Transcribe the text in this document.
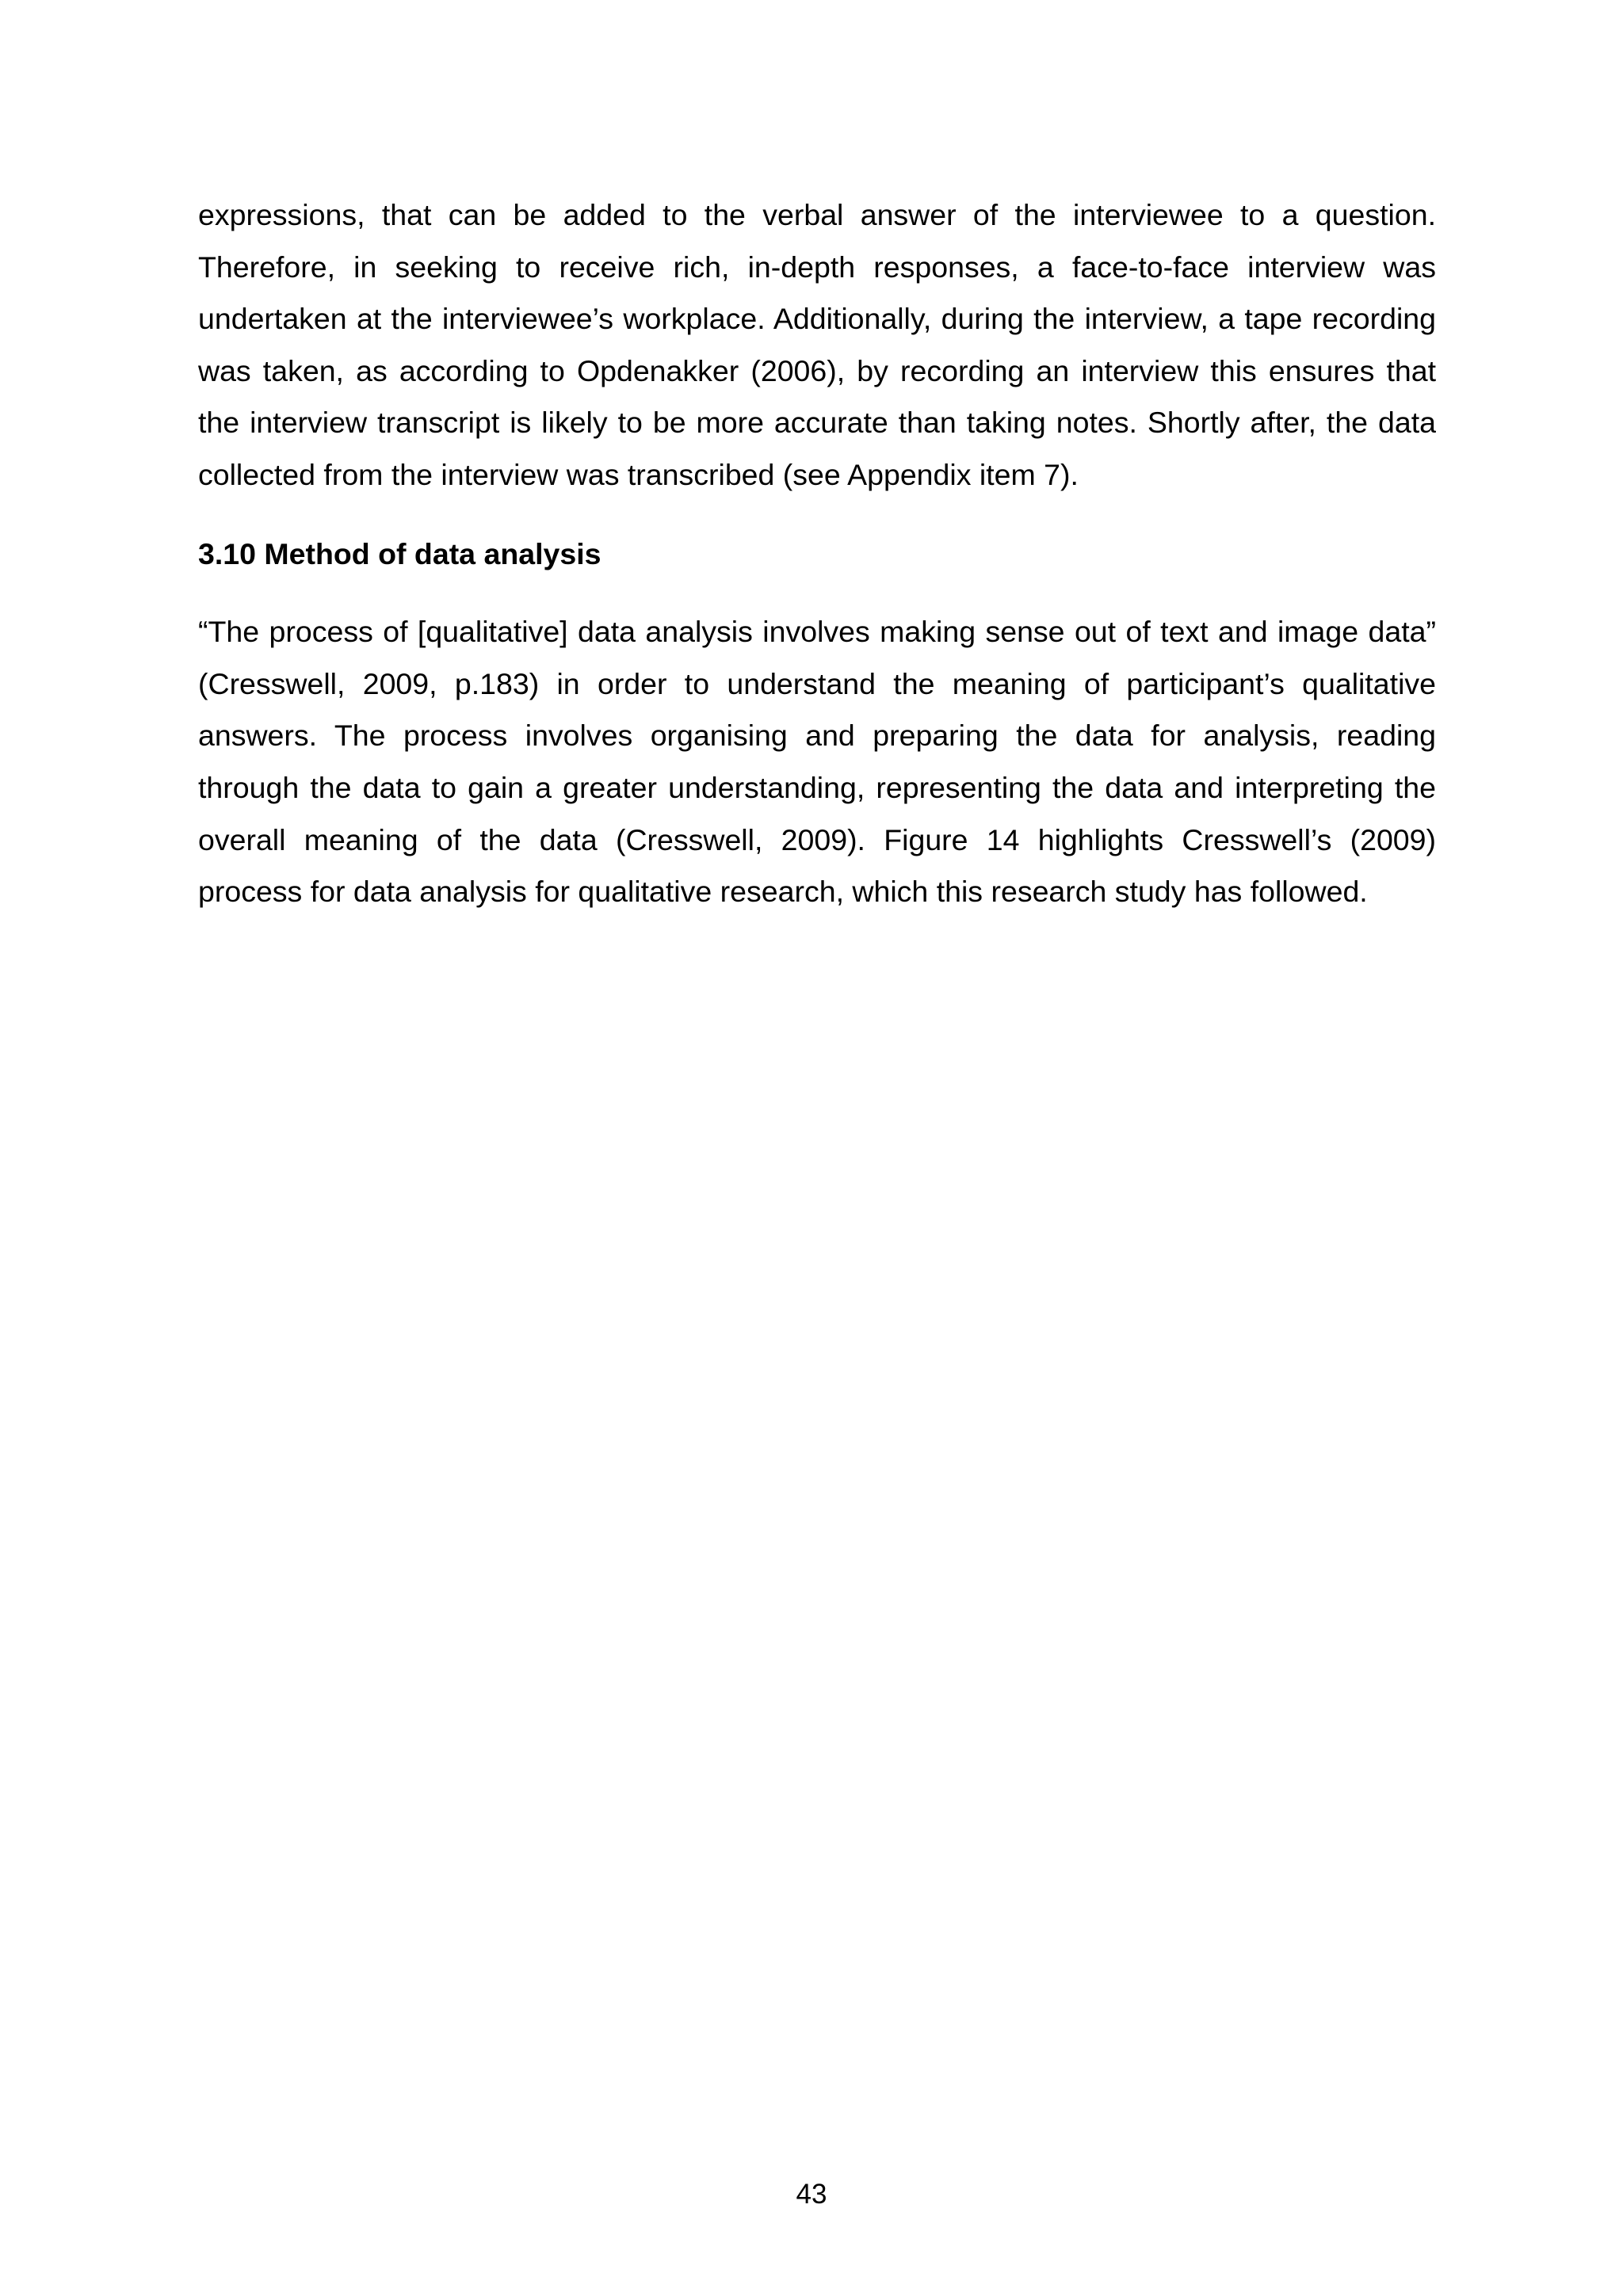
expressions, that can be added to the verbal answer of the interviewee to a question. Therefore, in seeking to receive rich, in-depth responses, a face-to-face interview was undertaken at the interviewee’s workplace. Additionally, during the interview, a tape recording was taken, as according to Opdenakker (2006), by recording an interview this ensures that the interview transcript is likely to be more accurate than taking notes. Shortly after, the data collected from the interview was transcribed (see Appendix item 7).

3.10 Method of data analysis

“The process of [qualitative] data analysis involves making sense out of text and image data” (Cresswell, 2009, p.183) in order to understand the meaning of participant’s qualitative answers. The process involves organising and preparing the data for analysis, reading through the data to gain a greater understanding, representing the data and interpreting the overall meaning of the data (Cresswell, 2009). Figure 14 highlights Cresswell’s (2009) process for data analysis for qualitative research, which this research study has followed.

43
